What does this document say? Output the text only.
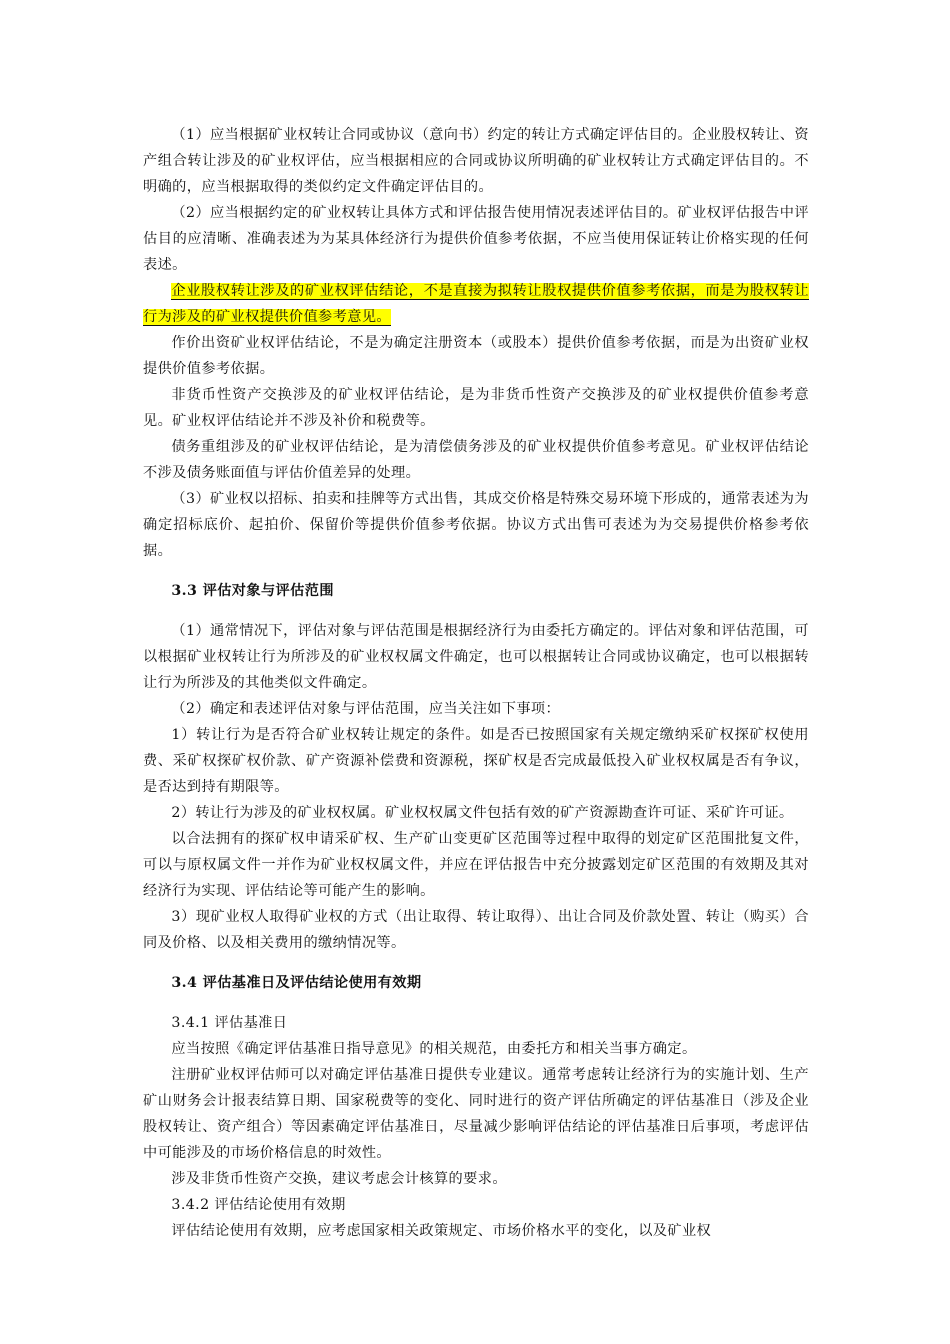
（1）应当根据矿业权转让合同或协议（意向书）约定的转让方式确定评估目的。企业股权转让、资产组合转让涉及的矿业权评估，应当根据相应的合同或协议所明确的矿业权转让方式确定评估目的。不明确的，应当根据取得的类似约定文件确定评估目的。

（2）应当根据约定的矿业权转让具体方式和评估报告使用情况表述评估目的。矿业权评估报告中评估目的应清晰、准确表述为为某具体经济行为提供价值参考依据，不应当使用保证转让价格实现的任何表述。

企业股权转让涉及的矿业权评估结论，不是直接为拟转让股权提供价值参考依据，而是为股权转让行为涉及的矿业权提供价值参考意见。

作价出资矿业权评估结论，不是为确定注册资本（或股本）提供价值参考依据，而是为出资矿业权提供价值参考依据。

非货币性资产交换涉及的矿业权评估结论，是为非货币性资产交换涉及的矿业权提供价值参考意见。矿业权评估结论并不涉及补价和税费等。

债务重组涉及的矿业权评估结论，是为清偿债务涉及的矿业权提供价值参考意见。矿业权评估结论不涉及债务账面值与评估价值差异的处理。

（3）矿业权以招标、拍卖和挂牌等方式出售，其成交价格是特殊交易环境下形成的，通常表述为为确定招标底价、起拍价、保留价等提供价值参考依据。协议方式出售可表述为为交易提供价格参考依据。

3.3 评估对象与评估范围

（1）通常情况下，评估对象与评估范围是根据经济行为由委托方确定的。评估对象和评估范围，可以根据矿业权转让行为所涉及的矿业权权属文件确定，也可以根据转让合同或协议确定，也可以根据转让行为所涉及的其他类似文件确定。

（2）确定和表述评估对象与评估范围，应当关注如下事项：

1）转让行为是否符合矿业权转让规定的条件。如是否已按照国家有关规定缴纳采矿权探矿权使用费、采矿权探矿权价款、矿产资源补偿费和资源税，探矿权是否完成最低投入矿业权权属是否有争议，是否达到持有期限等。

2）转让行为涉及的矿业权权属。矿业权权属文件包括有效的矿产资源勘查许可证、采矿许可证。

以合法拥有的探矿权申请采矿权、生产矿山变更矿区范围等过程中取得的划定矿区范围批复文件，可以与原权属文件一并作为矿业权权属文件，并应在评估报告中充分披露划定矿区范围的有效期及其对经济行为实现、评估结论等可能产生的影响。

3）现矿业权人取得矿业权的方式（出让取得、转让取得）、出让合同及价款处置、转让（购买）合同及价格、以及相关费用的缴纳情况等。

3.4 评估基准日及评估结论使用有效期

3.4.1 评估基准日

应当按照《确定评估基准日指导意见》的相关规范，由委托方和相关当事方确定。

注册矿业权评估师可以对确定评估基准日提供专业建议。通常考虑转让经济行为的实施计划、生产矿山财务会计报表结算日期、国家税费等的变化、同时进行的资产评估所确定的评估基准日（涉及企业股权转让、资产组合）等因素确定评估基准日，尽量减少影响评估结论的评估基准日后事项，考虑评估中可能涉及的市场价格信息的时效性。

涉及非货币性资产交换，建议考虑会计核算的要求。

3.4.2 评估结论使用有效期

评估结论使用有效期，应考虑国家相关政策规定、市场价格水平的变化，以及矿业权
